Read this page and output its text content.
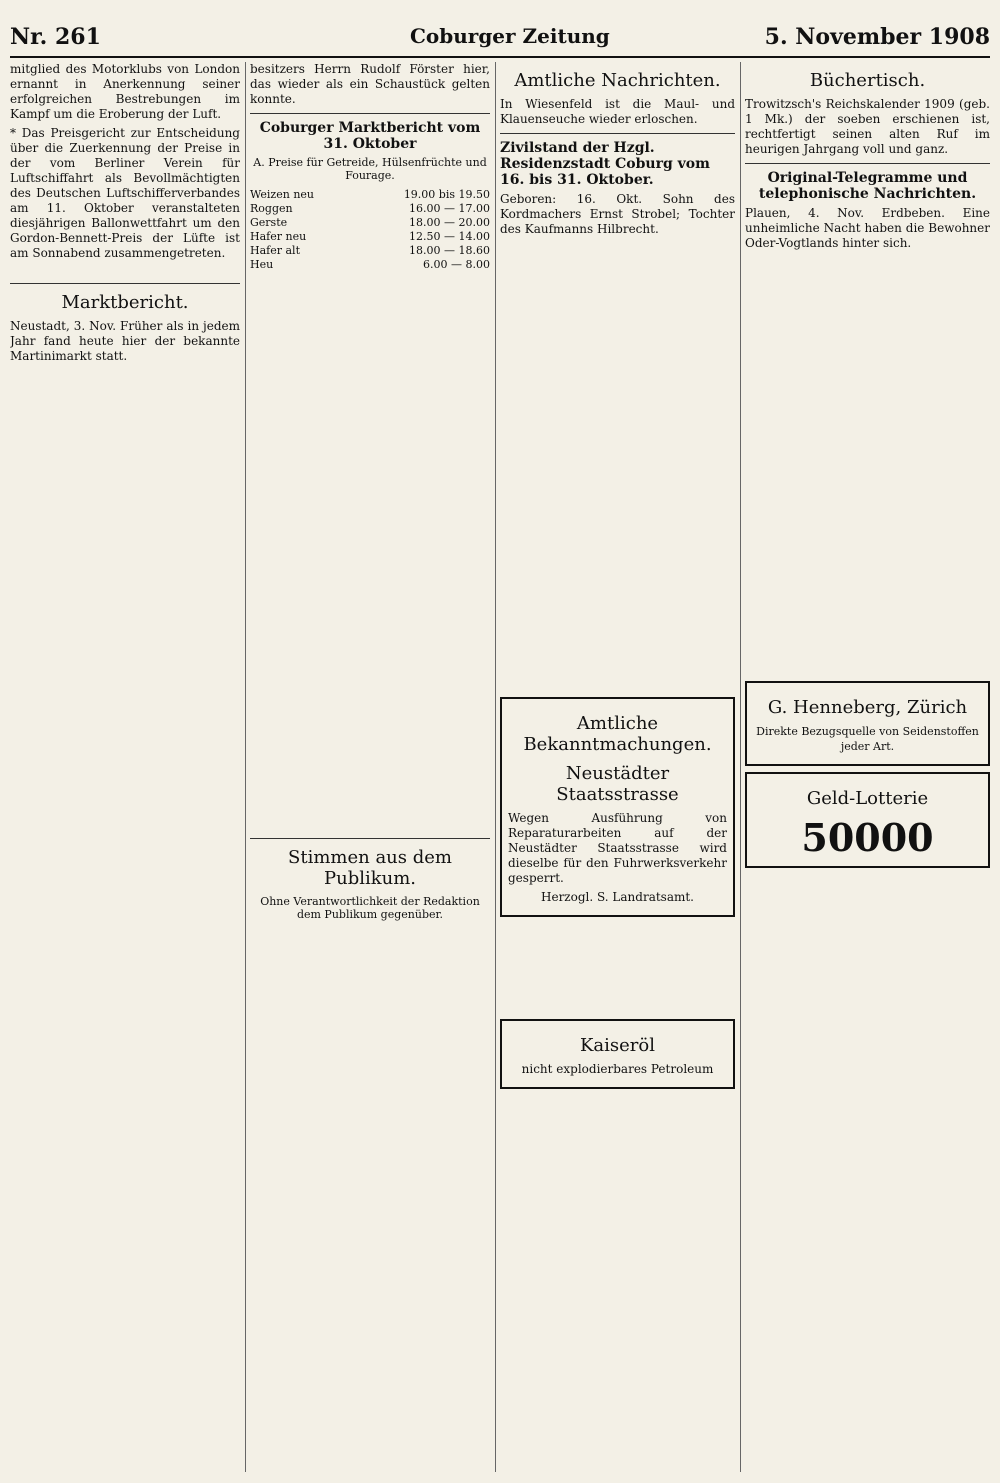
Nr. 261	Coburger Zeitung	5. November 1908

mitglied des Motorklubs von London ernannt in Anerkennung seiner erfolgreichen Bestrebungen im Kampf um die Eroberung der Luft.

* Das Preisgericht zur Entscheidung über die Zuerkennung der Preise in der vom Berliner Verein für Luftschiffahrt als Bevollmächtigten des Deutschen Luftschifferverbandes am 11. Oktober veranstalteten diesjährigen Ballonwettfahrt um den Gordon-Bennett-Preis der Lüfte ist am Sonnabend zusammengetreten.

Marktbericht.

Neustadt, 3. Nov. Früher als in jedem Jahr fand heute hier der bekannte Martinimarkt statt.

besitzers Herrn Rudolf Förster hier, das wieder als ein Schaustück gelten konnte.

Coburger Marktbericht vom 31. Oktober
A. Preise für Getreide, Hülsenfrüchte und Fourage.
Weizen neu	19.00 bis 19.50
Roggen	16.00 — 17.00
Gerste	18.00 — 20.00
Hafer neu	12.50 — 14.00
Hafer alt	18.00 — 18.60
Heu	6.00 — 8.00
Stimmen aus dem Publikum.
Ohne Verantwortlichkeit der Redaktion dem Publikum gegenüber.
Amtliche Nachrichten.

In Wiesenfeld ist die Maul- und Klauenseuche wieder erloschen.

Zivilstand der Hzgl. Residenzstadt Coburg vom 16. bis 31. Oktober.

Geboren: 16. Okt. Sohn des Kordmachers Ernst Strobel; Tochter des Kaufmanns Hilbrecht.

Amtliche Bekanntmachungen.
Neustädter Staatsstrasse

Wegen Ausführung von Reparaturarbeiten auf der Neustädter Staatsstrasse wird dieselbe für den Fuhrwerksverkehr gesperrt.

Herzogl. S. Landratsamt.

Kaiseröl

nicht explodierbares Petroleum

Büchertisch.

Trowitzsch's Reichskalender 1909 (geb. 1 Mk.) der soeben erschienen ist, rechtfertigt seinen alten Ruf im heurigen Jahrgang voll und ganz.

Original-Telegramme und telephonische Nachrichten.

Plauen, 4. Nov. Erdbeben. Eine unheimliche Nacht haben die Bewohner Oder-Vogtlands hinter sich.

G. Henneberg, Zürich

Direkte Bezugsquelle von Seidenstoffen jeder Art.

Geld-Lotterie
50000
